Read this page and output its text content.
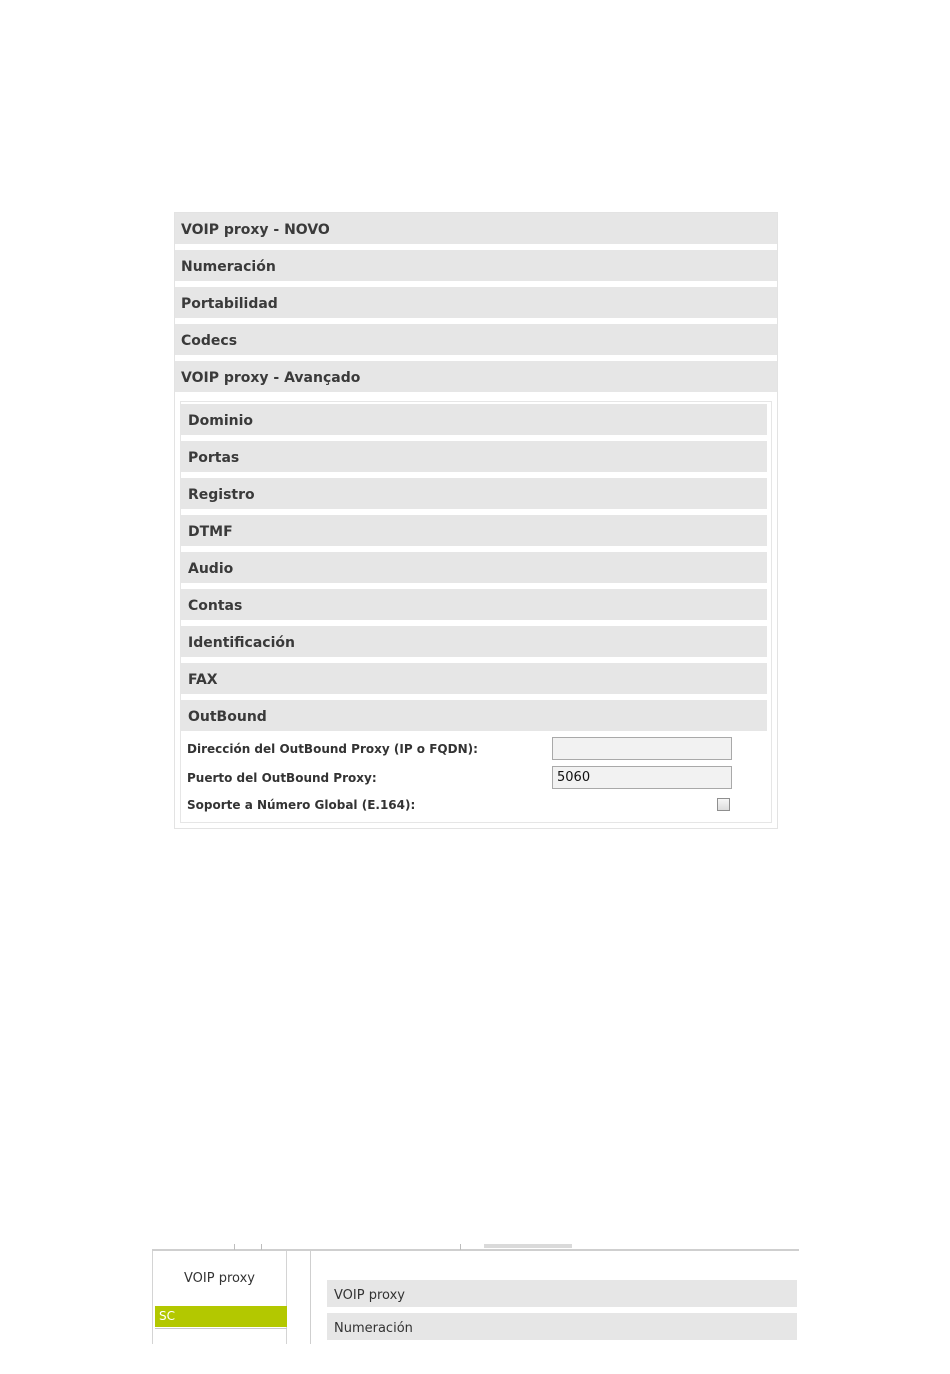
VOIP proxy - NOVO
Numeración
Portabilidad
Codecs
VOIP proxy - Avançado
Dominio
Portas
Registro
DTMF
Audio
Contas
Identificación
FAX
OutBound
Dirección del OutBound Proxy (IP o FQDN):
Puerto del OutBound Proxy:
5060
Soporte a Número Global (E.164):
VOIP proxy
SC
VOIP proxy
Numeración
